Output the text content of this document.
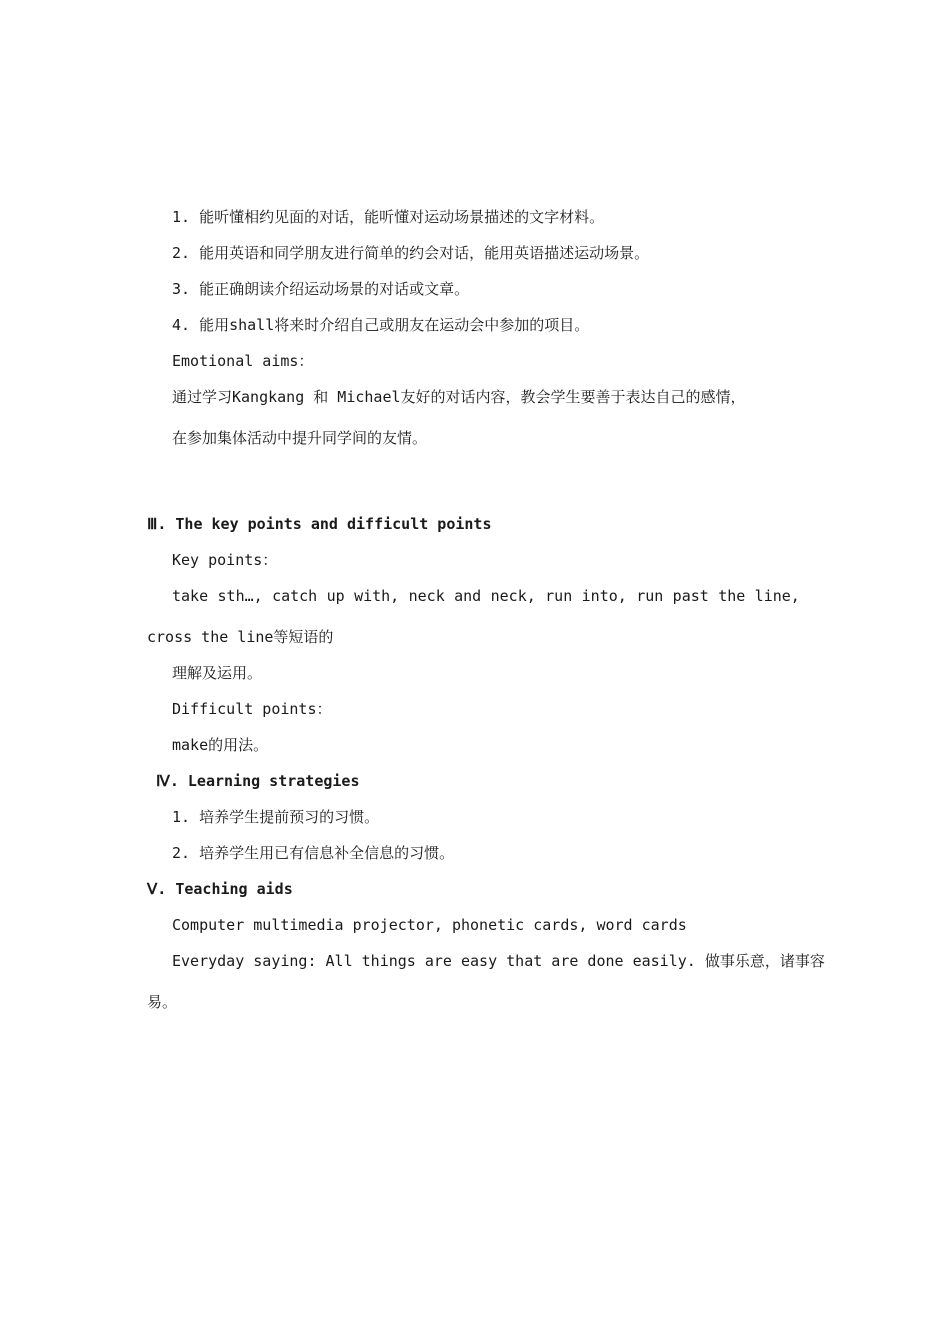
1. 能听懂相约见面的对话，能听懂对运动场景描述的文字材料。
2. 能用英语和同学朋友进行简单的约会对话，能用英语描述运动场景。
3. 能正确朗读介绍运动场景的对话或文章。
4. 能用shall将来时介绍自己或朋友在运动会中参加的项目。
Emotional aims：
通过学习Kangkang 和 Michael友好的对话内容，教会学生要善于表达自己的感情，
在参加集体活动中提升同学间的友情。
Ⅲ. The key points and difficult points
Key points：
take sth…, catch up with, neck and neck, run into, run past the line,
cross the line等短语的
理解及运用。
Difficult points：
make的用法。
Ⅳ. Learning strategies
1. 培养学生提前预习的习惯。
2. 培养学生用已有信息补全信息的习惯。
Ⅴ. Teaching aids
Computer multimedia projector, phonetic cards, word cards
Everyday saying: All things are easy that are done easily. 做事乐意，诸事容
易。
